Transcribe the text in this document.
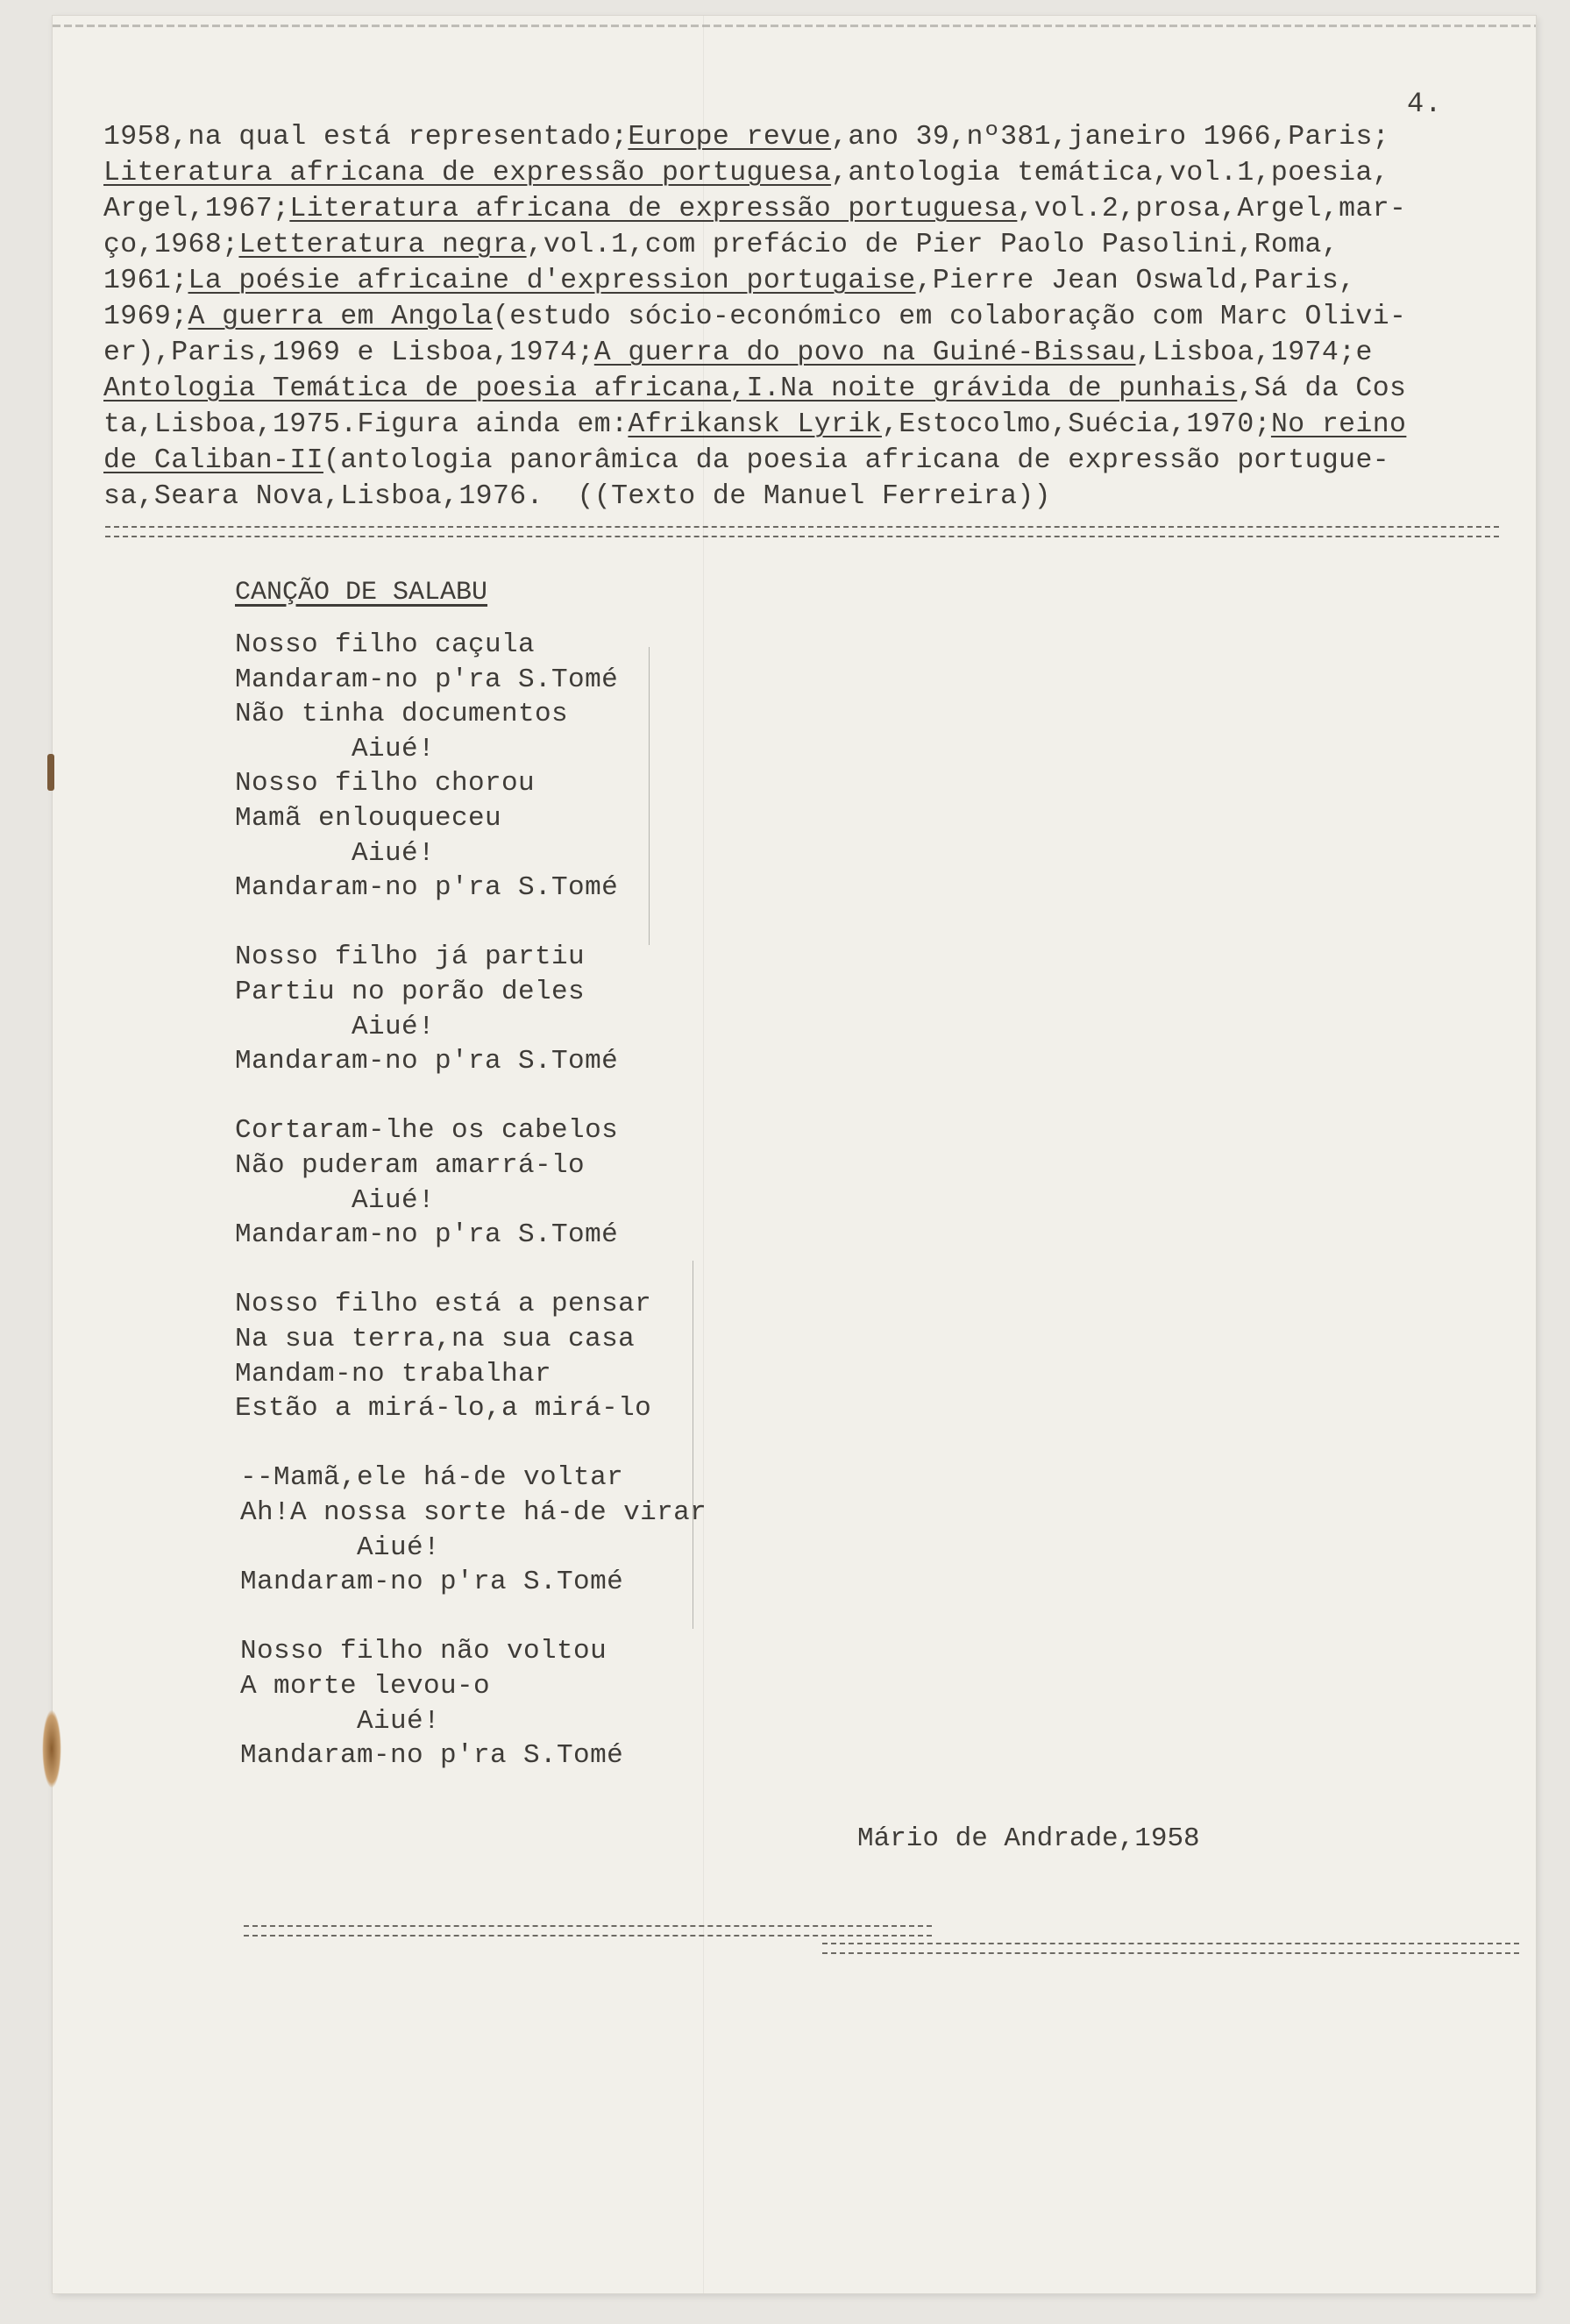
4.
1958,na qual está representado;Europe revue,ano 39,nº381,janeiro 1966,Paris;
Literatura africana de expressão portuguesa,antologia temática,vol.1,poesia,
Argel,1967;Literatura africana de expressão portuguesa,vol.2,prosa,Argel,mar-
ço,1968;Letteratura negra,vol.1,com prefácio de Pier Paolo Pasolini,Roma,
1961;La poésie africaine d'expression portugaise,Pierre Jean Oswald,Paris,
1969;A guerra em Angola(estudo sócio-económico em colaboração com Marc Olivi-
er),Paris,1969 e Lisboa,1974;A guerra do povo na Guiné-Bissau,Lisboa,1974;e
Antologia Temática de poesia africana,I.Na noite grávida de punhais,Sá da Cos
ta,Lisboa,1975.Figura ainda em:Afrikansk Lyrik,Estocolmo,Suécia,1970;No reino
de Caliban-II(antologia panorâmica da poesia africana de expressão portugue-
sa,Seara Nova,Lisboa,1976.  ((Texto de Manuel Ferreira))
CANÇÃO DE SALABU
Nosso filho caçula
Mandaram-no p'ra S.Tomé
Não tinha documentos
Aiué!
Nosso filho chorou
Mamã enlouqueceu
Aiué!
Mandaram-no p'ra S.Tomé
Nosso filho já partiu
Partiu no porão deles
Aiué!
Mandaram-no p'ra S.Tomé
Cortaram-lhe os cabelos
Não puderam amarrá-lo
Aiué!
Mandaram-no p'ra S.Tomé
Nosso filho está a pensar
Na sua terra,na sua casa
Mandam-no trabalhar
Estão a mirá-lo,a mirá-lo
--Mamã,ele há-de voltar
Ah!A nossa sorte há-de virar
Aiué!
Mandaram-no p'ra S.Tomé
Nosso filho não voltou
A morte levou-o
Aiué!
Mandaram-no p'ra S.Tomé
Mário de Andrade,1958
